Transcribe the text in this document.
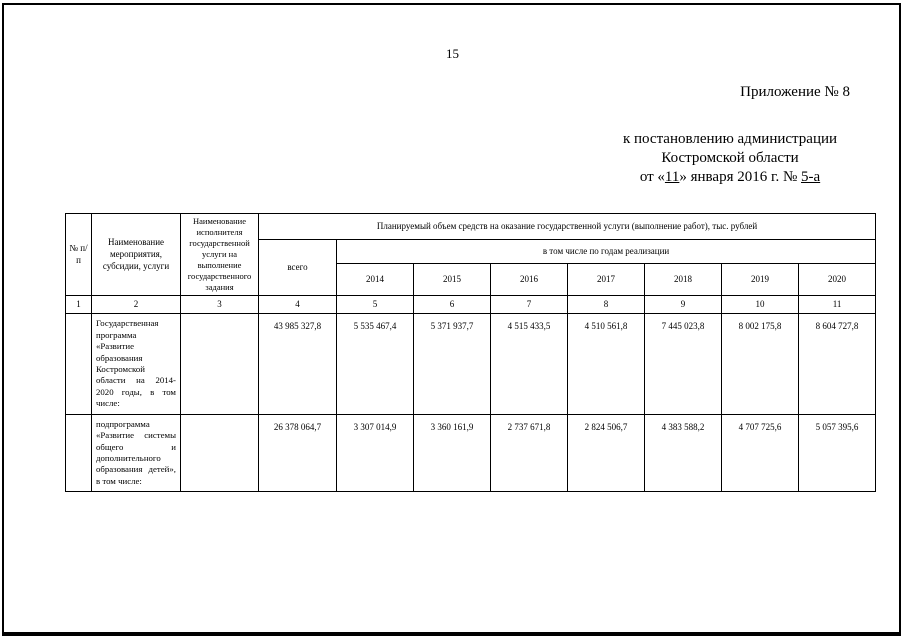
15
Приложение № 8
к постановлению администрации
Костромской области
от «11» января 2016 г. № 5-а
№ п/п	Наименование мероприятия, субсидии, услуги	Наименование исполнителя государственной услуги на выполнение государственного задания	Планируемый объем средств на оказание государственной услуги (выполнение работ), тыс. рублей							
			всего	в том числе по годам реализации						
				2014	2015	2016	2017	2018	2019	2020
1	2	3	4	5	6	7	8	9	10	11
	Государственная программа «Развитие образования Костромской области на 2014-2020 годы, в том числе:		43 985 327,8	5 535 467,4	5 371 937,7	4 515 433,5	4 510 561,8	7 445 023,8	8 002 175,8	8 604 727,8
	подпрограмма «Развитие системы общего и дополнительного образования детей», в том числе:		26 378 064,7	3 307 014,9	3 360 161,9	2 737 671,8	2 824 506,7	4 383 588,2	4 707 725,6	5 057 395,6
